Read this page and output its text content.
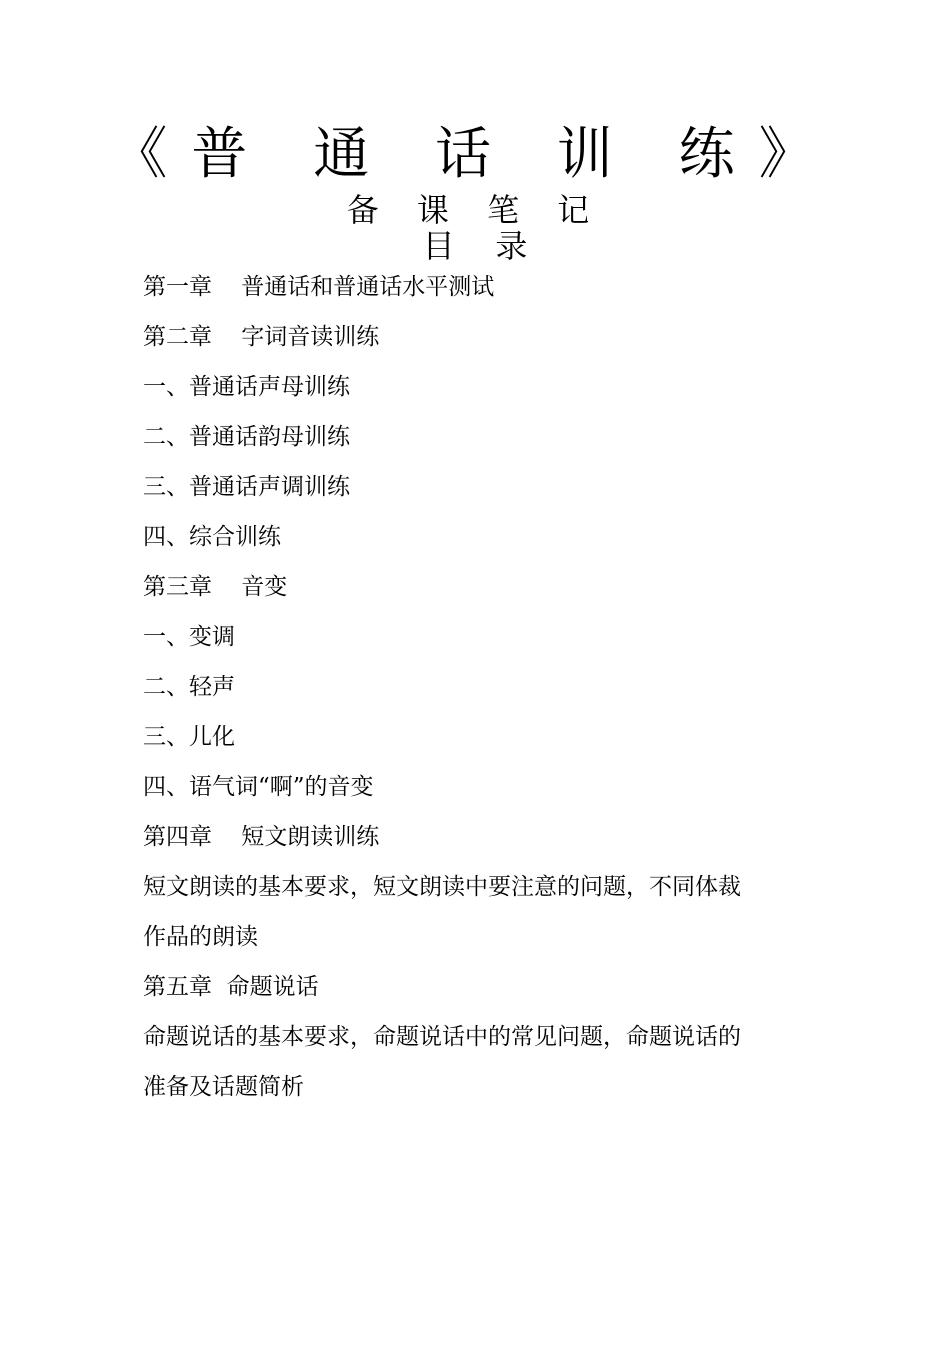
《普 通 话 训 练》
备 课 笔 记
目    录
第一章    普通话和普通话水平测试
第二章    字词音读训练
一、普通话声母训练
二、普通话韵母训练
三、普通话声调训练
四、综合训练
第三章    音变
一、变调
二、轻声
三、儿化
四、语气词“啊”的音变
第四章    短文朗读训练
短文朗读的基本要求，短文朗读中要注意的问题，不同体裁
作品的朗读
第五章  命题说话
命题说话的基本要求，命题说话中的常见问题，命题说话的
准备及话题简析
